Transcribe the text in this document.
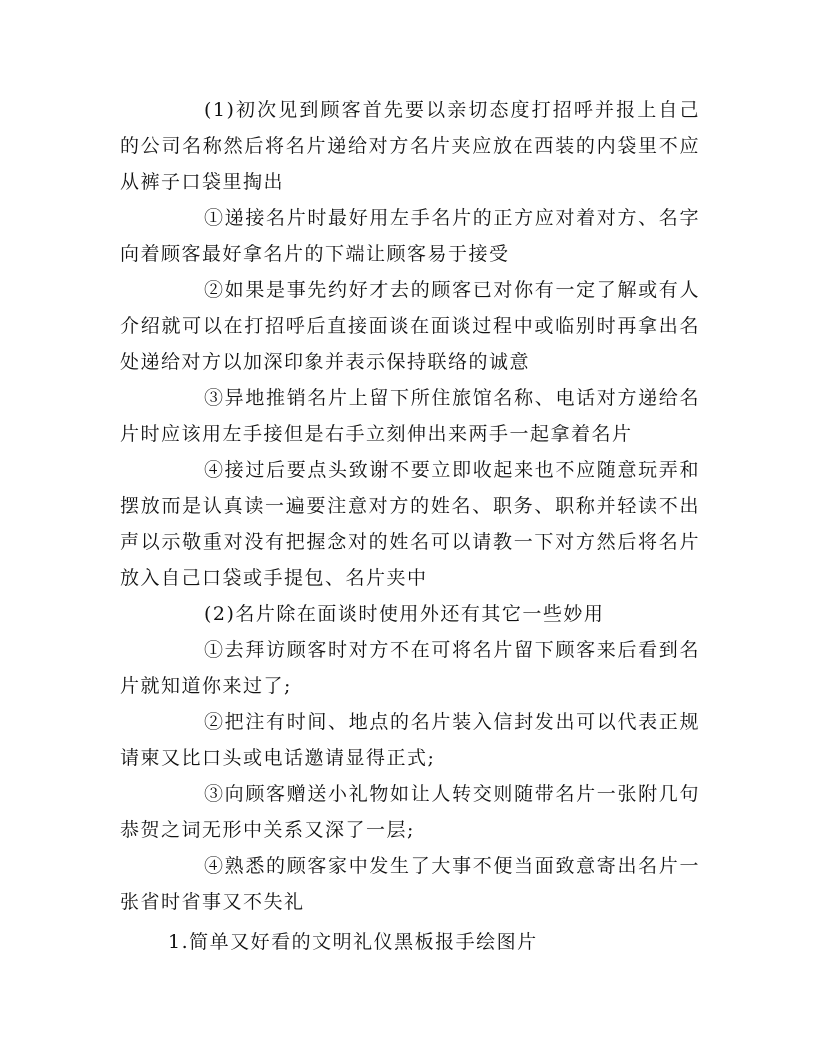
(1)初次见到顾客首先要以亲切态度打招呼并报上自己的公司名称然后将名片递给对方名片夹应放在西装的内袋里不应从裤子口袋里掏出

①递接名片时最好用左手名片的正方应对着对方、名字向着顾客最好拿名片的下端让顾客易于接受

②如果是事先约好才去的顾客已对你有一定了解或有人介绍就可以在打招呼后直接面谈在面谈过程中或临别时再拿出名处递给对方以加深印象并表示保持联络的诚意

③异地推销名片上留下所住旅馆名称、电话对方递给名片时应该用左手接但是右手立刻伸出来两手一起拿着名片

④接过后要点头致谢不要立即收起来也不应随意玩弄和摆放而是认真读一遍要注意对方的姓名、职务、职称并轻读不出声以示敬重对没有把握念对的姓名可以请教一下对方然后将名片放入自己口袋或手提包、名片夹中

(2)名片除在面谈时使用外还有其它一些妙用

①去拜访顾客时对方不在可将名片留下顾客来后看到名片就知道你来过了;

②把注有时间、地点的名片装入信封发出可以代表正规请柬又比口头或电话邀请显得正式;

③向顾客赠送小礼物如让人转交则随带名片一张附几句恭贺之词无形中关系又深了一层;

④熟悉的顾客家中发生了大事不便当面致意寄出名片一张省时省事又不失礼

1.简单又好看的文明礼仪黑板报手绘图片
